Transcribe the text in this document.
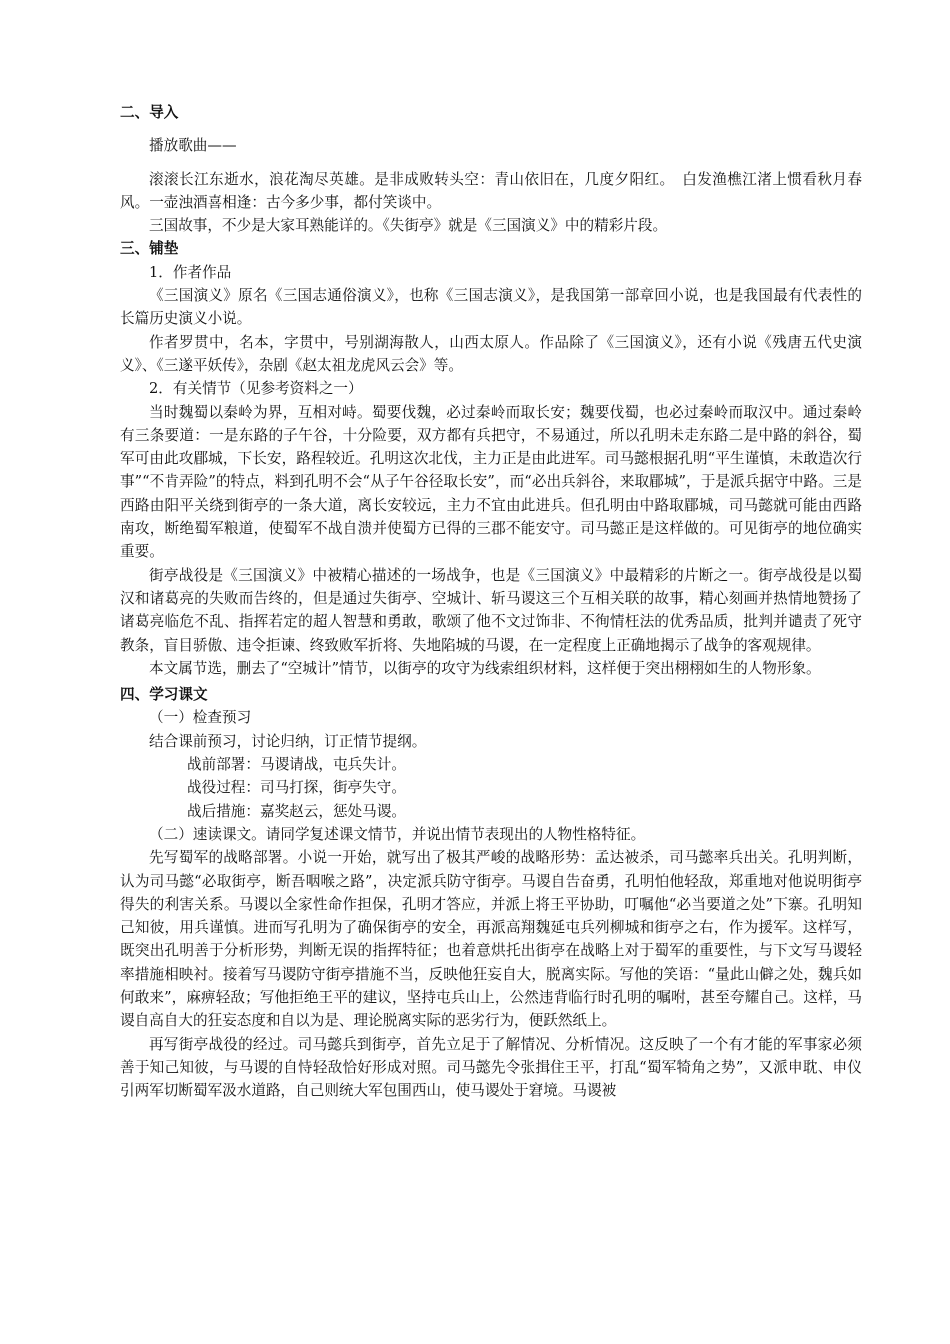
二、导入

播放歌曲——

滚滚长江东逝水，浪花淘尽英雄。是非成败转头空：青山依旧在，几度夕阳红。　白发渔樵江渚上惯看秋月春风。一壶浊酒喜相逢：古今多少事，都付笑谈中。

三国故事，不少是大家耳熟能详的。《失街亭》就是《三国演义》中的精彩片段。

三、铺垫

1．作者作品

《三国演义》原名《三国志通俗演义》，也称《三国志演义》，是我国第一部章回小说，也是我国最有代表性的长篇历史演义小说。

作者罗贯中，名本，字贯中，号别湖海散人，山西太原人。作品除了《三国演义》，还有小说《残唐五代史演义》、《三遂平妖传》，杂剧《赵太祖龙虎风云会》等。

2．有关情节（见参考资料之一）

当时魏蜀以秦岭为界，互相对峙。蜀要伐魏，必过秦岭而取长安；魏要伐蜀，也必过秦岭而取汉中。通过秦岭有三条要道：一是东路的子午谷，十分险要，双方都有兵把守，不易通过，所以孔明未走东路二是中路的斜谷，蜀军可由此攻郿城，下长安，路程较近。孔明这次北伐，主力正是由此进军。司马懿根据孔明“平生谨慎，未敢造次行事”“不肯弄险”的特点，料到孔明不会“从子午谷径取长安”，而“必出兵斜谷，来取郿城”，于是派兵据守中路。三是西路由阳平关绕到街亭的一条大道，离长安较远，主力不宜由此进兵。但孔明由中路取郿城，司马懿就可能由西路南攻，断绝蜀军粮道，使蜀军不战自溃并使蜀方已得的三郡不能安守。司马懿正是这样做的。可见街亭的地位确实重要。

街亭战役是《三国演义》中被精心描述的一场战争，也是《三国演义》中最精彩的片断之一。街亭战役是以蜀汉和诸葛亮的失败而告终的，但是通过失街亭、空城计、斩马谡这三个互相关联的故事，精心刻画并热情地赞扬了诸葛亮临危不乱、指挥若定的超人智慧和勇敢，歌颂了他不文过饰非、不徇情枉法的优秀品质，批判并谴责了死守教条，盲目骄傲、违令拒谏、终致败军折将、失地陷城的马谡，在一定程度上正确地揭示了战争的客观规律。

本文属节选，删去了“空城计”情节，以街亭的攻守为线索组织材料，这样便于突出栩栩如生的人物形象。

四、学习课文

（一）检查预习

结合课前预习，讨论归纳，订正情节提纲。

战前部署：马谡请战，屯兵失计。

战役过程：司马打探，街亭失守。

战后措施：嘉奖赵云，惩处马谡。

（二）速读课文。请同学复述课文情节，并说出情节表现出的人物性格特征。

先写蜀军的战略部署。小说一开始，就写出了极其严峻的战略形势：孟达被杀，司马懿率兵出关。孔明判断，认为司马懿“必取街亭，断吾咽喉之路”，决定派兵防守街亭。马谡自告奋勇，孔明怕他轻敌，郑重地对他说明街亭得失的利害关系。马谡以全家性命作担保，孔明才答应，并派上将王平协助，叮嘱他“必当要道之处”下寨。孔明知己知彼，用兵谨慎。进而写孔明为了确保街亭的安全，再派高翔魏延屯兵列柳城和街亭之右，作为援军。这样写，既突出孔明善于分析形势，判断无误的指挥特征；也着意烘托出街亭在战略上对于蜀军的重要性，与下文写马谡轻率措施相映衬。接着写马谡防守街亭措施不当，反映他狂妄自大，脱离实际。写他的笑语：“量此山僻之处，魏兵如何敢来”，麻痹轻敌；写他拒绝王平的建议，坚持屯兵山上，公然违背临行时孔明的嘱咐，甚至夸耀自己。这样，马谡自高自大的狂妄态度和自以为是、理论脱离实际的恶劣行为，便跃然纸上。

再写街亭战役的经过。司马懿兵到街亭，首先立足于了解情况、分析情况。这反映了一个有才能的军事家必须善于知己知彼，与马谡的自恃轻敌恰好形成对照。司马懿先令张揖住王平，打乱“蜀军犄角之势”，又派申耽、申仪引两军切断蜀军汲水道路，自己则统大军包围西山，使马谡处于窘境。马谡被
